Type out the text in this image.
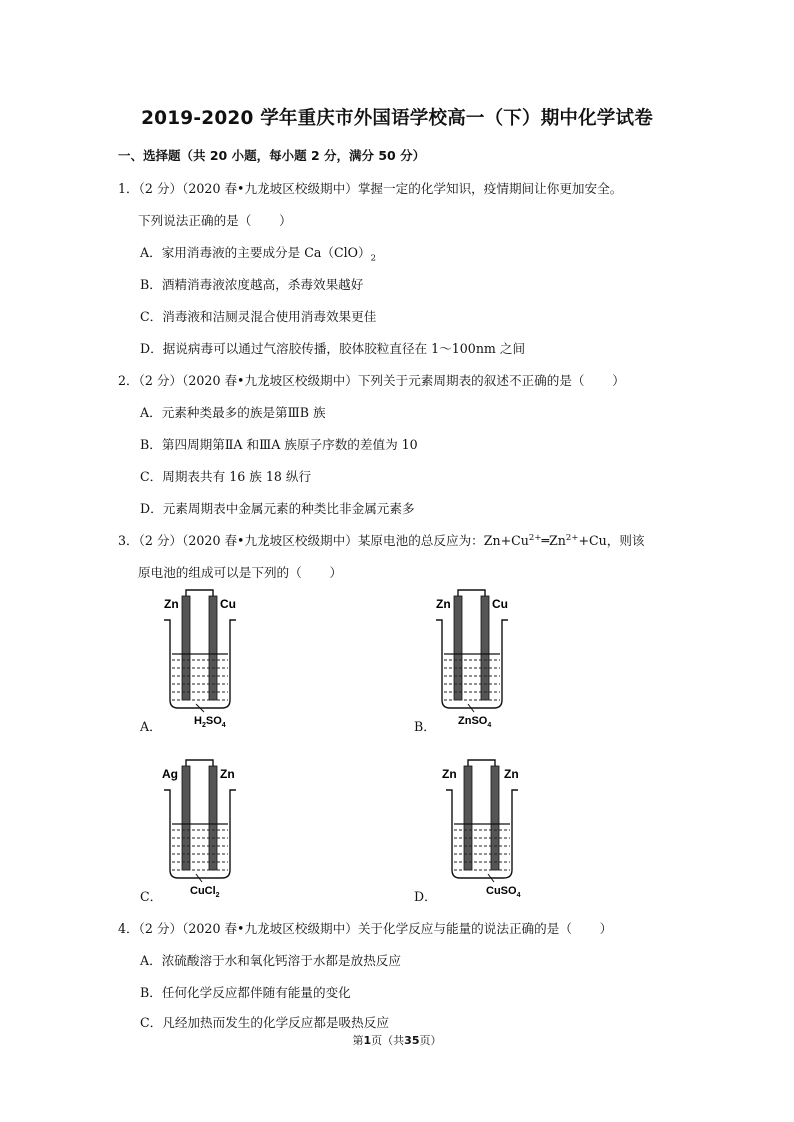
2019-2020 学年重庆市外国语学校高一（下）期中化学试卷
一、选择题（共 20 小题，每小题 2 分，满分 50 分）
1．（2 分）（2020 春•九龙坡区校级期中）掌握一定的化学知识，疫情期间让你更加安全。
下列说法正确的是（ ）
A．家用消毒液的主要成分是 $Ca(ClO)_2$
B．酒精消毒液浓度越高，杀毒效果越好
C．消毒液和洁厕灵混合使用消毒效果更佳
D．据说病毒可以通过气溶胶传播，胶体胶粒直径在 1～100nm 之间
2．（2 分）（2020 春•九龙坡区校级期中）下列关于元素周期表的叙述不正确的是（ ）
A．元素种类最多的族是第ⅢB 族
B．第四周期第ⅡA 和ⅢA 族原子序数的差值为 10
C．周期表共有 16 族 18 纵行
D．元素周期表中金属元素的种类比非金属元素多
3．（2 分）（2020 春•九龙坡区校级期中）某原电池的总反应为：$Zn+Cu^{2+}═Zn^{2+}+Cu$，则该
原电池的组成可以是下列的（ ）
A．
Zn	Cu
$H_2SO_4$	B．
Zn	Cu
ZnSO$_4$
C．
Ag	Zn
CuCl$_2$	D．
Zn	Zn
CuSO$_4$
4．（2 分）（2020 春•九龙坡区校级期中）关于化学反应与能量的说法正确的是（ ）
A．浓硫酸溶于水和氧化钙溶于水都是放热反应
B．任何化学反应都伴随有能量的变化
C．凡经加热而发生的化学反应都是吸热反应
第1页（共35页）
